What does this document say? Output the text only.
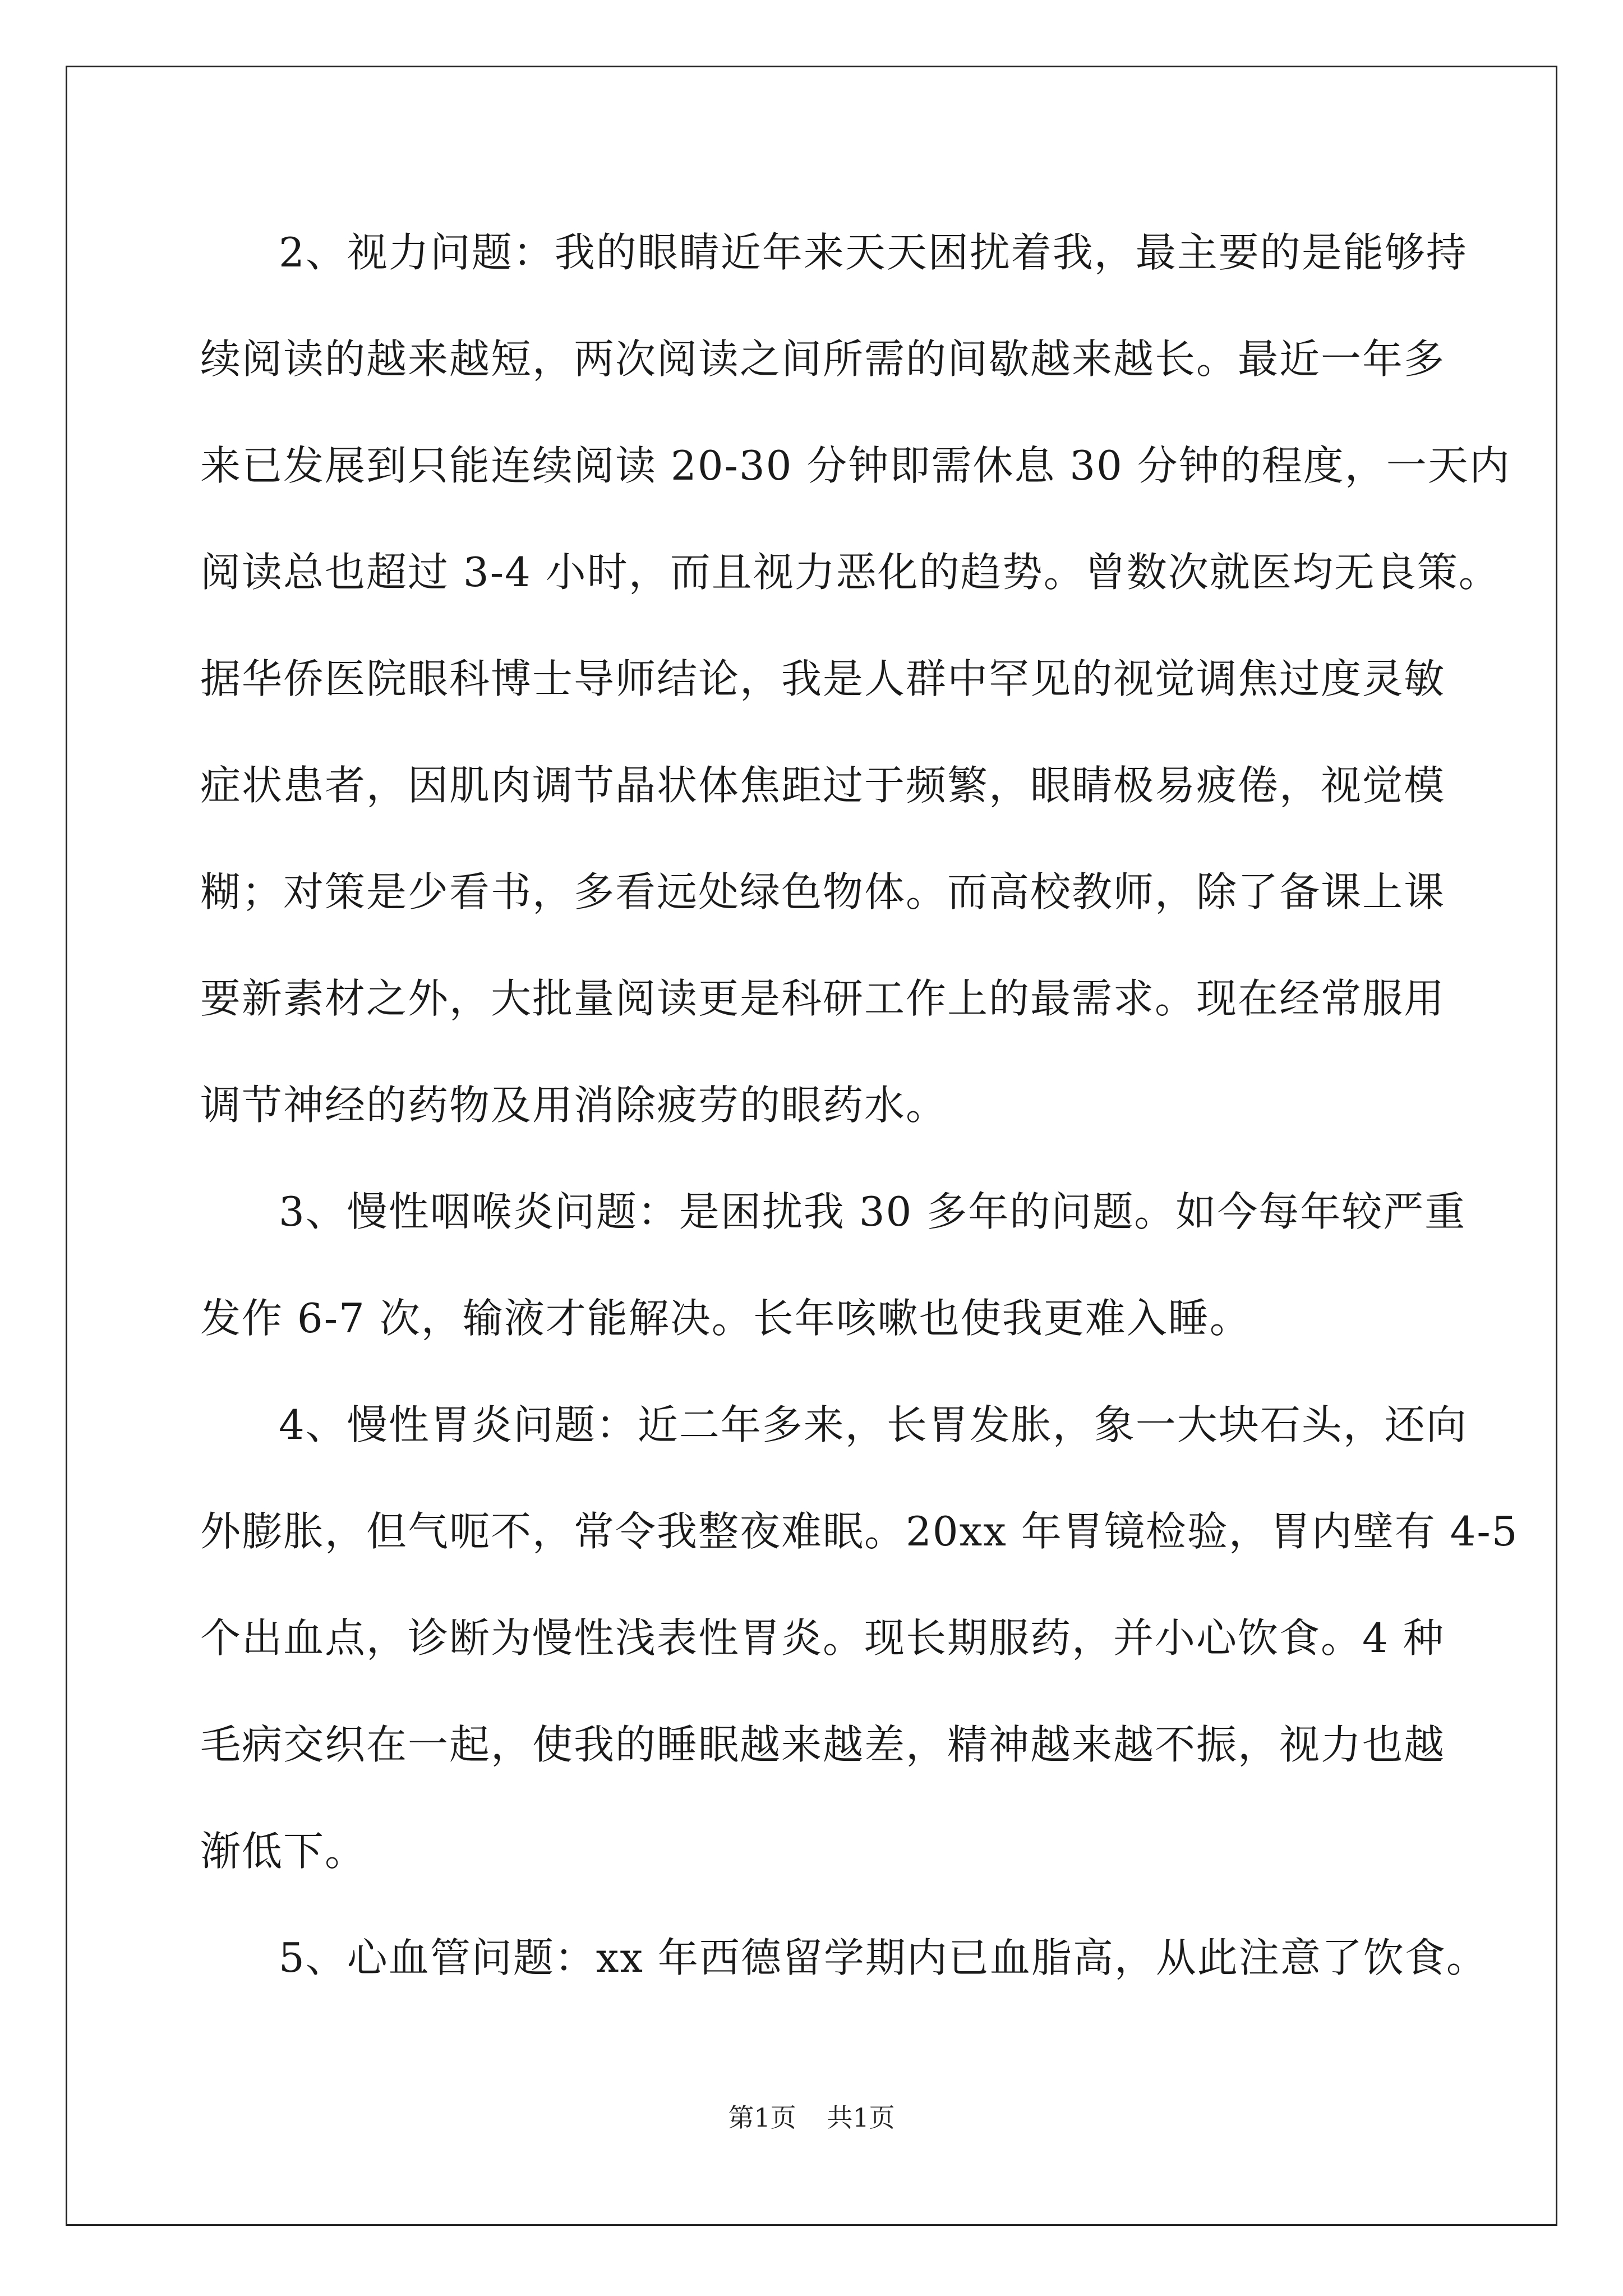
2、视力问题：我的眼睛近年来天天困扰着我，最主要的是能够持
续阅读的越来越短，两次阅读之间所需的间歇越来越长。最近一年多
来已发展到只能连续阅读 20-30 分钟即需休息 30 分钟的程度，一天内
阅读总也超过 3-4 小时，而且视力恶化的趋势。曾数次就医均无良策。
据华侨医院眼科博士导师结论，我是人群中罕见的视觉调焦过度灵敏
症状患者，因肌肉调节晶状体焦距过于频繁，眼睛极易疲倦，视觉模
糊；对策是少看书，多看远处绿色物体。而高校教师，除了备课上课
要新素材之外，大批量阅读更是科研工作上的最需求。现在经常服用
调节神经的药物及用消除疲劳的眼药水。
3、慢性咽喉炎问题：是困扰我 30 多年的问题。如今每年较严重
发作 6-7 次，输液才能解决。长年咳嗽也使我更难入睡。
4、慢性胃炎问题：近二年多来，长胃发胀，象一大块石头，还向
外膨胀，但气呃不，常令我整夜难眠。20xx 年胃镜检验，胃内壁有 4-5
个出血点，诊断为慢性浅表性胃炎。现长期服药，并小心饮食。4 种
毛病交织在一起，使我的睡眠越来越差，精神越来越不振，视力也越
渐低下。
5、心血管问题：xx 年西德留学期内已血脂高，从此注意了饮食。
第1页 共1页
